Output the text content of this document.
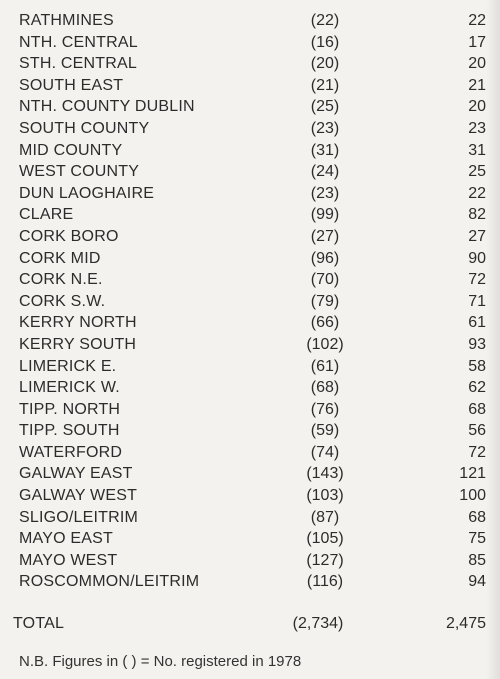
RATHMINES	(22)	22
NTH. CENTRAL	(16)	17
STH. CENTRAL	(20)	20
SOUTH EAST	(21)	21
NTH. COUNTY DUBLIN	(25)	20
SOUTH COUNTY	(23)	23
MID COUNTY	(31)	31
WEST COUNTY	(24)	25
DUN LAOGHAIRE	(23)	22
CLARE	(99)	82
CORK BORO	(27)	27
CORK MID	(96)	90
CORK N.E.	(70)	72
CORK S.W.	(79)	71
KERRY NORTH	(66)	61
KERRY SOUTH	(102)	93
LIMERICK E.	(61)	58
LIMERICK W.	(68)	62
TIPP. NORTH	(76)	68
TIPP. SOUTH	(59)	56
WATERFORD	(74)	72
GALWAY EAST	(143)	121
GALWAY WEST	(103)	100
SLIGO/LEITRIM	(87)	68
MAYO EAST	(105)	75
MAYO WEST	(127)	85
ROSCOMMON/LEITRIM	(116)	94
TOTAL	(2,734)	2,475
N.B. Figures in ( ) = No. registered in 1978
